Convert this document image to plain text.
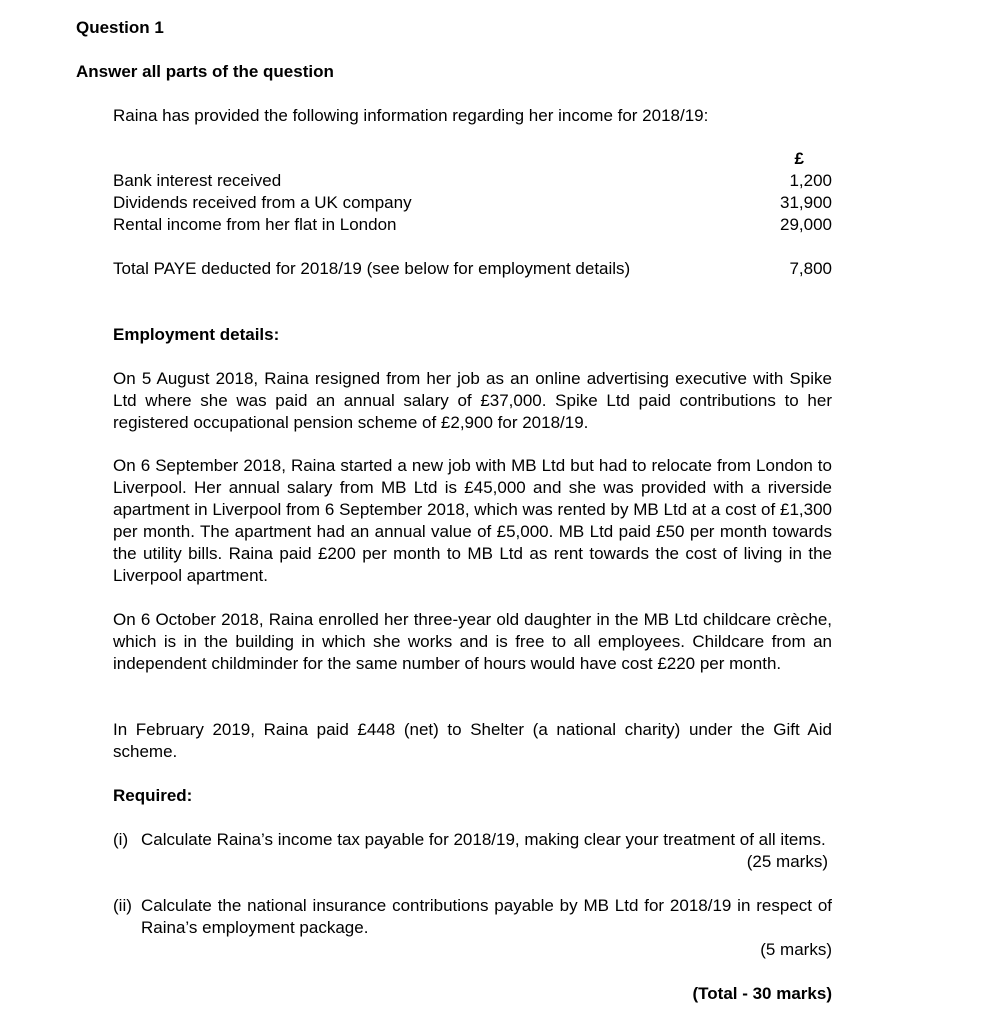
Question 1
Answer all parts of the question
Raina has provided the following information regarding her income for 2018/19:
£
Bank interest received	1,200
Dividends received from a UK company	31,900
Rental income from her flat in London	29,000
Total PAYE deducted for 2018/19 (see below for employment details)	7,800
Employment details:
On 5 August 2018, Raina resigned from her job as an online advertising executive with Spike Ltd where she was paid an annual salary of £37,000. Spike Ltd paid contributions to her registered occupational pension scheme of £2,900 for 2018/19.
On 6 September 2018, Raina started a new job with MB Ltd but had to relocate from London to Liverpool. Her annual salary from MB Ltd is £45,000 and she was provided with a riverside apartment in Liverpool from 6 September 2018, which was rented by MB Ltd at a cost of £1,300 per month. The apartment had an annual value of £5,000. MB Ltd paid £50 per month towards the utility bills. Raina paid £200 per month to MB Ltd as rent towards the cost of living in the Liverpool apartment.
On 6 October 2018, Raina enrolled her three-year old daughter in the MB Ltd childcare crèche, which is in the building in which she works and is free to all employees. Childcare from an independent childminder for the same number of hours would have cost £220 per month.
In February 2019, Raina paid £448 (net) to Shelter (a national charity) under the Gift Aid scheme.
Required:
(i) Calculate Raina’s income tax payable for 2018/19, making clear your treatment of all items.
(25 marks)
(ii) Calculate the national insurance contributions payable by MB Ltd for 2018/19 in respect of Raina’s employment package.
(5 marks)
(Total - 30 marks)
